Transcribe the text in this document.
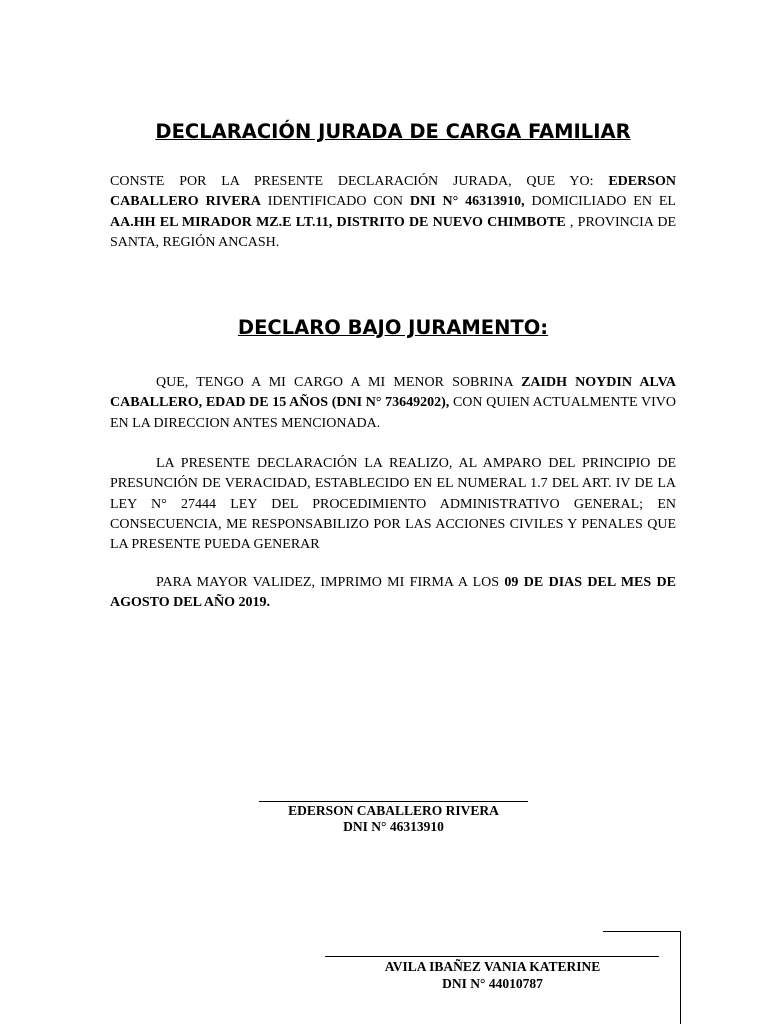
DECLARACIÓN JURADA DE CARGA FAMILIAR

CONSTE POR LA PRESENTE DECLARACIÓN JURADA, QUE YO: EDERSON CABALLERO RIVERA IDENTIFICADO CON DNI N° 46313910, DOMICILIADO EN EL AA.HH EL MIRADOR MZ.E LT.11, DISTRITO DE NUEVO CHIMBOTE , PROVINCIA DE SANTA, REGIÓN ANCASH.

DECLARO BAJO JURAMENTO:

QUE, TENGO A MI CARGO A MI MENOR SOBRINA ZAIDH NOYDIN ALVA CABALLERO, EDAD DE 15 AÑOS (DNI N° 73649202), CON QUIEN ACTUALMENTE VIVO EN LA DIRECCION ANTES MENCIONADA.

LA PRESENTE DECLARACIÓN LA REALIZO, AL AMPARO DEL PRINCIPIO DE PRESUNCIÓN DE VERACIDAD, ESTABLECIDO EN EL NUMERAL 1.7 DEL ART. IV DE LA LEY N° 27444 LEY DEL PROCEDIMIENTO ADMINISTRATIVO GENERAL; EN CONSECUENCIA, ME RESPONSABILIZO POR LAS ACCIONES CIVILES Y PENALES QUE LA PRESENTE PUEDA GENERAR

PARA MAYOR VALIDEZ, IMPRIMO MI FIRMA A LOS 09 DE DIAS DEL MES DE AGOSTO DEL AÑO 2019.

EDERSON CABALLERO RIVERA
DNI N° 46313910
AVILA IBAÑEZ VANIA KATERINE
DNI N° 44010787
